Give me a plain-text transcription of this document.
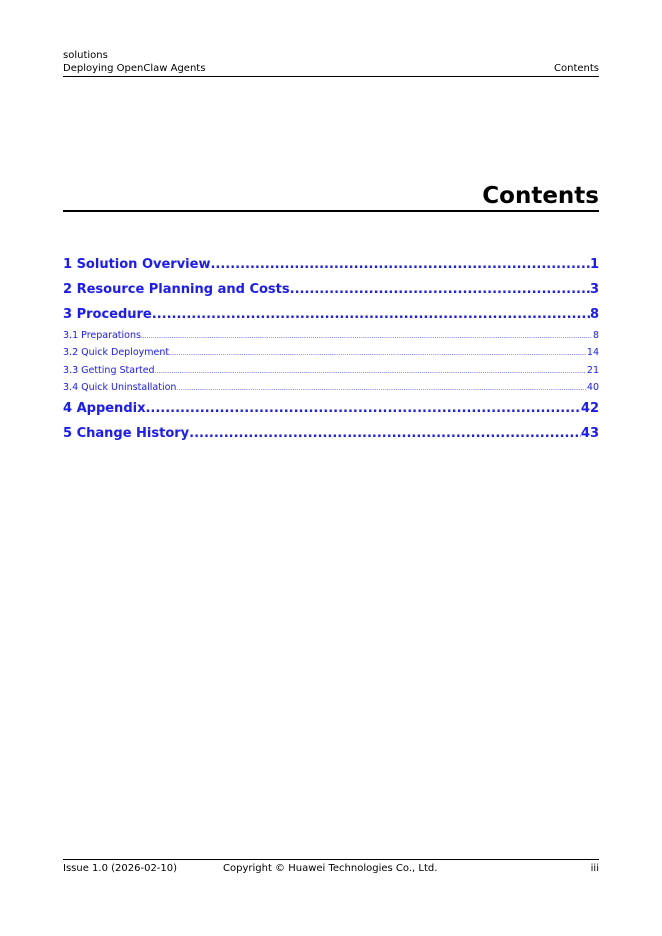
solutions
Deploying OpenClaw Agents	Contents
Contents
1 Solution Overview .....	1
2 Resource Planning and Costs .....	3
3 Procedure .....	8
3.1 Preparations .....	8
3.2 Quick Deployment .....	14
3.3 Getting Started .....	21
3.4 Quick Uninstallation .....	40
4 Appendix .....	42
5 Change History .....	43
Issue 1.0 (2026-02-10)	Copyright © Huawei Technologies Co., Ltd.	iii
